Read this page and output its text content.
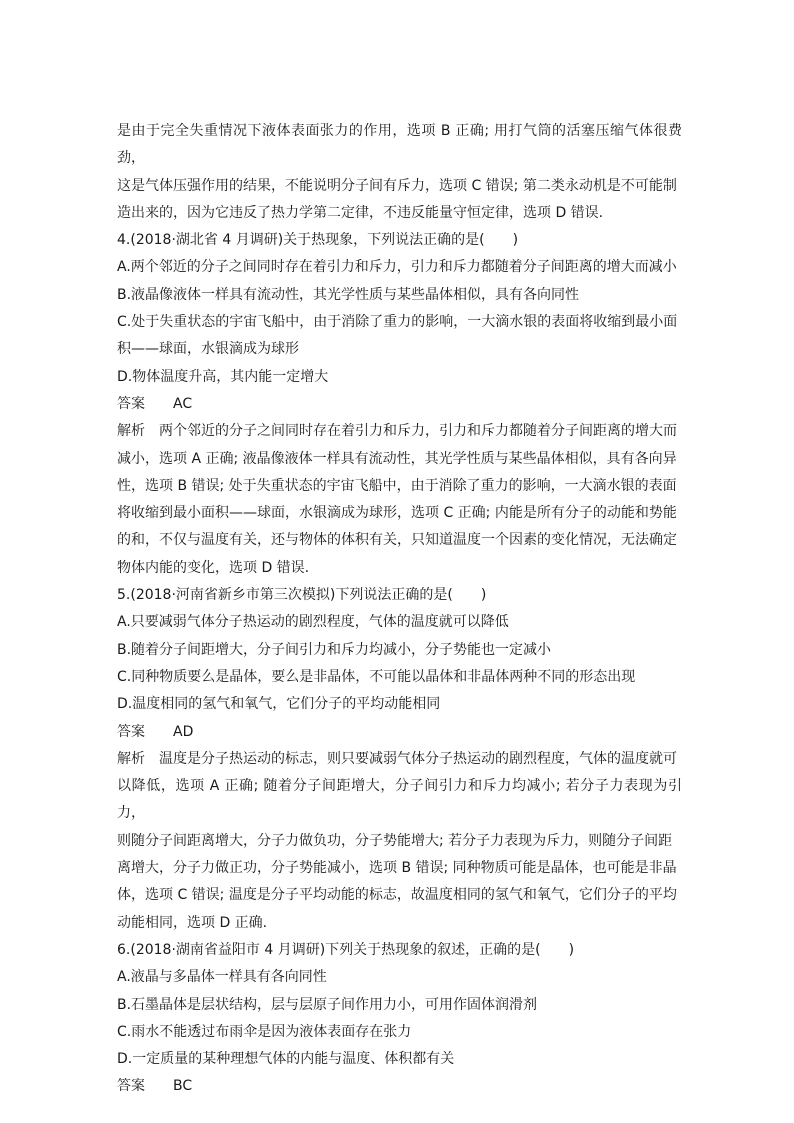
是由于完全失重情况下液体表面张力的作用，选项 B 正确; 用打气筒的活塞压缩气体很费劲，

这是气体压强作用的结果，不能说明分子间有斥力，选项 C 错误; 第二类永动机是不可能制

造出来的，因为它违反了热力学第二定律，不违反能量守恒定律，选项 D 错误.

4.(2018·湖北省 4 月调研)关于热现象，下列说法正确的是(　　)

A.两个邻近的分子之间同时存在着引力和斥力，引力和斥力都随着分子间距离的增大而减小

B.液晶像液体一样具有流动性，其光学性质与某些晶体相似，具有各向同性

C.处于失重状态的宇宙飞船中，由于消除了重力的影响，一大滴水银的表面将收缩到最小面

积——球面，水银滴成为球形

D.物体温度升高，其内能一定增大

答案 AC

解析 两个邻近的分子之间同时存在着引力和斥力，引力和斥力都随着分子间距离的增大而

减小，选项 A 正确; 液晶像液体一样具有流动性，其光学性质与某些晶体相似，具有各向异

性，选项 B 错误; 处于失重状态的宇宙飞船中，由于消除了重力的影响，一大滴水银的表面

将收缩到最小面积——球面，水银滴成为球形，选项 C 正确; 内能是所有分子的动能和势能

的和，不仅与温度有关，还与物体的体积有关，只知道温度一个因素的变化情况，无法确定

物体内能的变化，选项 D 错误.

5.(2018·河南省新乡市第三次模拟)下列说法正确的是(　　)

A.只要减弱气体分子热运动的剧烈程度，气体的温度就可以降低

B.随着分子间距增大，分子间引力和斥力均减小，分子势能也一定减小

C.同种物质要么是晶体，要么是非晶体，不可能以晶体和非晶体两种不同的形态出现

D.温度相同的氢气和氧气，它们分子的平均动能相同

答案 AD

解析 温度是分子热运动的标志，则只要减弱气体分子热运动的剧烈程度，气体的温度就可

以降低，选项 A 正确; 随着分子间距增大，分子间引力和斥力均减小; 若分子力表现为引力，

则随分子间距离增大，分子力做负功，分子势能增大; 若分子力表现为斥力，则随分子间距

离增大，分子力做正功，分子势能减小，选项 B 错误; 同种物质可能是晶体，也可能是非晶

体，选项 C 错误; 温度是分子平均动能的标志，故温度相同的氢气和氧气，它们分子的平均

动能相同，选项 D 正确.

6.(2018·湖南省益阳市 4 月调研)下列关于热现象的叙述，正确的是(　　)

A.液晶与多晶体一样具有各向同性

B.石墨晶体是层状结构，层与层原子间作用力小，可用作固体润滑剂

C.雨水不能透过布雨伞是因为液体表面存在张力

D.一定质量的某种理想气体的内能与温度、体积都有关

答案 BC
